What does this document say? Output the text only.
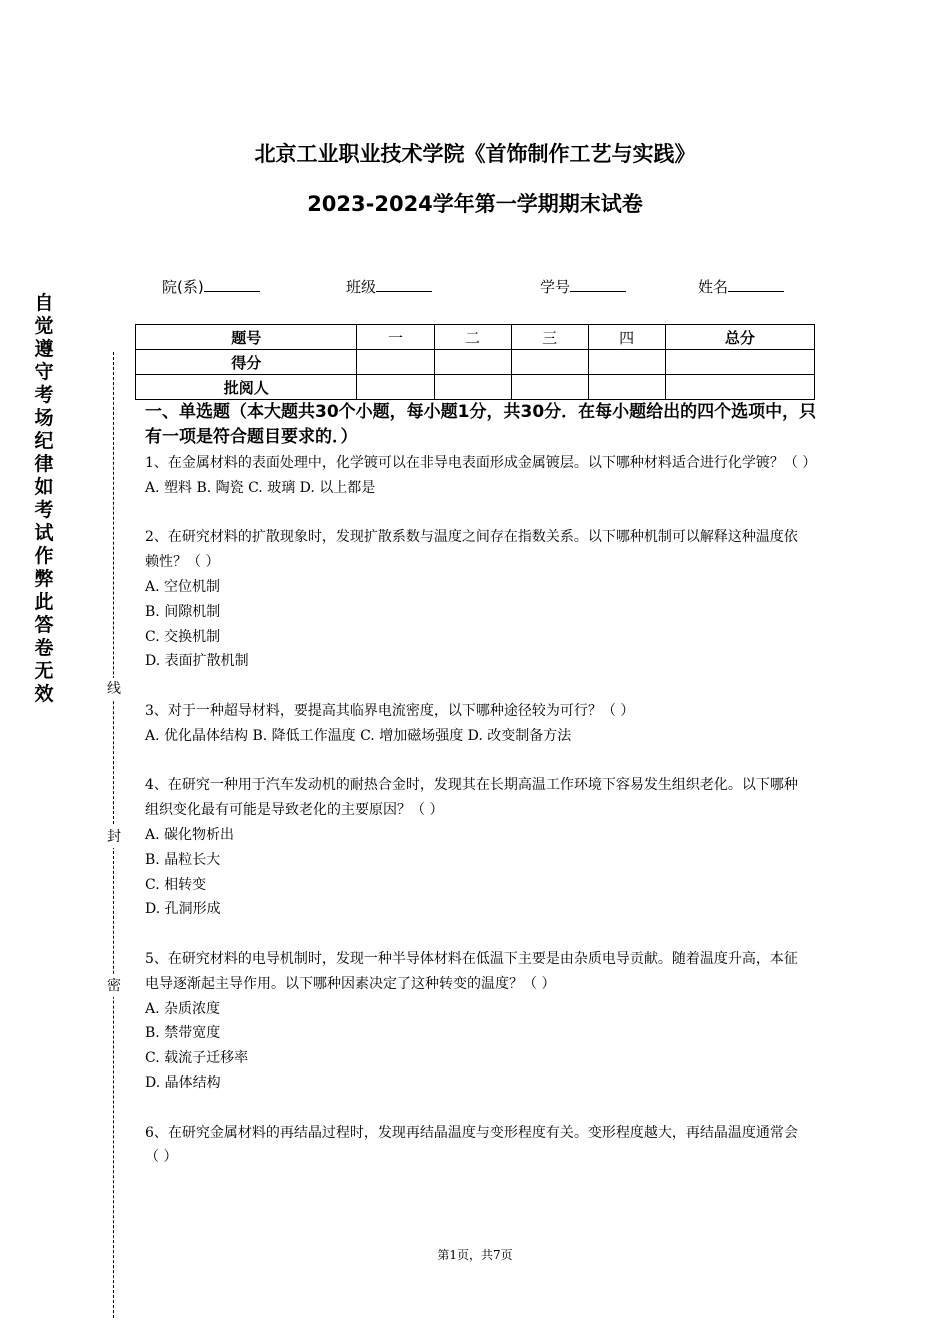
自觉遵守考场纪律如考试作弊此答卷无效	线
封
密
北京工业职业技术学院《首饰制作工艺与实践》
2023-2024学年第一学期期末试卷
院(系)	班级	学号	姓名
题号	一	二	三	四	总分
得分					
批阅人					
一、单选题（本大题共30个小题，每小题1分，共30分．在每小题给出的四个选项中，只有一项是符合题目要求的．）

1、在金属材料的表面处理中，化学镀可以在非导电表面形成金属镀层。以下哪种材料适合进行化学镀？（ ）

A. 塑料 B. 陶瓷 C. 玻璃 D. 以上都是

2、在研究材料的扩散现象时，发现扩散系数与温度之间存在指数关系。以下哪种机制可以解释这种温度依赖性？（ ）

A. 空位机制

B. 间隙机制

C. 交换机制

D. 表面扩散机制

3、对于一种超导材料，要提高其临界电流密度，以下哪种途径较为可行？（ ）

A. 优化晶体结构 B. 降低工作温度 C. 增加磁场强度 D. 改变制备方法

4、在研究一种用于汽车发动机的耐热合金时，发现其在长期高温工作环境下容易发生组织老化。以下哪种组织变化最有可能是导致老化的主要原因？（ ）

A. 碳化物析出

B. 晶粒长大

C. 相转变

D. 孔洞形成

5、在研究材料的电导机制时，发现一种半导体材料在低温下主要是由杂质电导贡献。随着温度升高，本征电导逐渐起主导作用。以下哪种因素决定了这种转变的温度？（ ）

A. 杂质浓度

B. 禁带宽度

C. 载流子迁移率

D. 晶体结构

6、在研究金属材料的再结晶过程时，发现再结晶温度与变形程度有关。变形程度越大，再结晶温度通常会（ ）

第1页，共7页
